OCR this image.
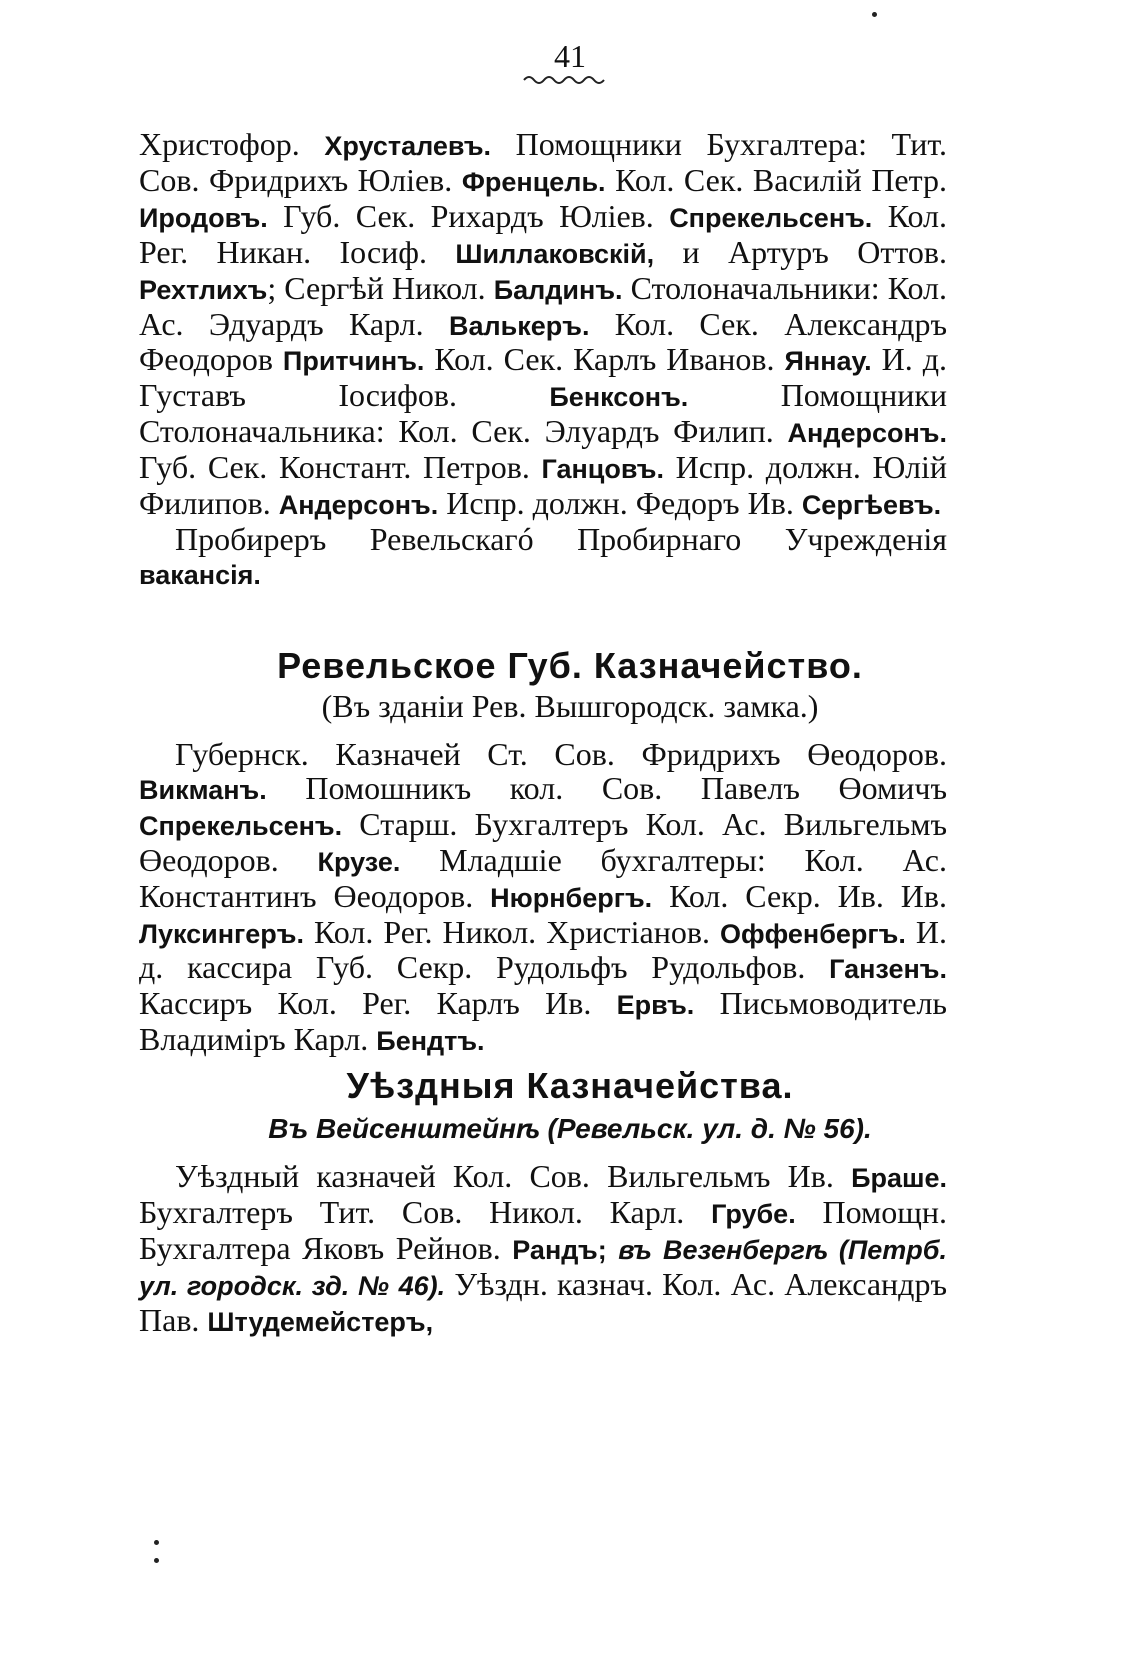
41

Христофор. Хрусталевъ. Помощники Бухгалтера: Тит. Сов. Фридрихъ Юліев. Френцель. Кол. Сек. Василій Петр. Иродовъ. Губ. Сек. Рихардъ Юліев. Спрекельсенъ. Кол. Рег. Никан. Іосиф. Шиллаковскій, и Артуръ Оттов. Рехтлихъ; Сергѣй Никол. Балдинъ. Столоначальники: Кол. Ас. Эдуардъ Карл. Валькеръ. Кол. Сек. Александръ Феодоров Притчинъ. Кол. Сек. Карлъ Иванов. Яннау. И. д. Густавъ Іосифов. Бенксонъ. Помощники Столоначальника: Кол. Сек. Элуардъ Филип. Андерсонъ. Губ. Сек. Констант. Петров. Ганцовъ. Испр. должн. Юлій Филипов. Андерсонъ. Испр. должн. Федоръ Ив. Сергѣевъ.

Пробиреръ Ревельскагó Пробирнаго Учрежденія вакансія.

Ревельское Губ. Казначейство.
(Въ зданіи Рев. Вышгородск. замка.)

Губернск. Казначей Ст. Сов. Фридрихъ Өеодоров. Викманъ. Помошникъ кол. Сов. Павелъ Өомичъ Спрекельсенъ. Старш. Бухгалтеръ Кол. Ас. Вильгельмъ Өеодоров. Крузе. Младшіе бухгалтеры: Кол. Ас. Константинъ Өеодоров. Нюрнбергъ. Кол. Секр. Ив. Ив. Луксингеръ. Кол. Рег. Никол. Христіанов. Оффенбергъ. И. д. кассира Губ. Секр. Рудольфъ Рудольфов. Ганзенъ. Кассиръ Кол. Рег. Карлъ Ив. Ервъ. Письмоводитель Владиміръ Карл. Бендтъ.

Уѣздныя Казначейства.
Въ Вейсенштейнѣ (Ревельск. ул. д. № 56).

Уѣздный казначей Кол. Сов. Вильгельмъ Ив. Браше. Бухгалтеръ Тит. Сов. Никол. Карл. Грубе. Помощн. Бухгалтера Яковъ Рейнов. Рандъ; въ Везенбергѣ (Петрб. ул. городск. зд. № 46). Уѣздн. казнач. Кол. Ас. Александръ Пав. Штудемейстеръ,
